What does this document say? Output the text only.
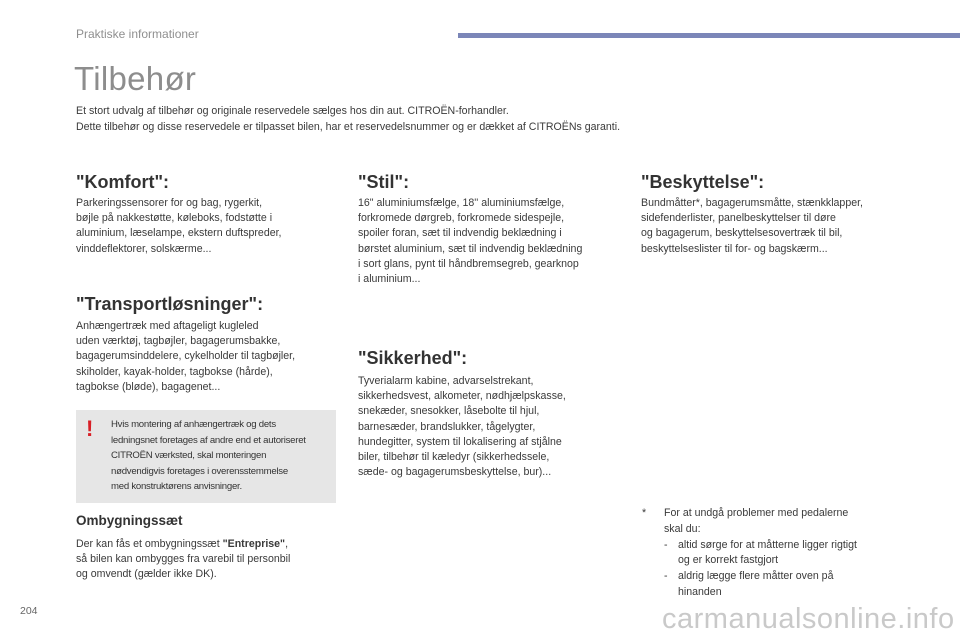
Praktiske informationer
Tilbehør

Et stort udvalg af tilbehør og originale reservedele sælges hos din aut. CITROËN-forhandler.

Dette tilbehør og disse reservedele er tilpasset bilen, har et reservedelsnummer og er dækket af CITROËNs garanti.

"Komfort":

Parkeringssensorer for og bag, rygerkit,

bøjle på nakkestøtte, køleboks, fodstøtte i

aluminium, læselampe, ekstern duftspreder,

vinddeflektorer, solskærme...

"Transportløsninger":

Anhængertræk med aftageligt kugleled

uden værktøj, tagbøjler, bagagerumsbakke,

bagagerumsinddelere, cykelholder til tagbøjler,

skiholder, kayak-holder, tagbokse (hårde),

tagbokse (bløde), bagagenet...

! Hvis montering af anhængertræk og dets

ledningsnet foretages af andre end et autoriseret

CITROËN værksted, skal monteringen

nødvendigvis foretages i overensstemmelse

med konstruktørens anvisninger.

Ombygningssæt

Der kan fås et ombygningssæt "Entreprise",

så bilen kan ombygges fra varebil til personbil

og omvendt (gælder ikke DK).

"Stil":

16" aluminiumsfælge, 18'' aluminiumsfælge,

forkromede dørgreb, forkromede sidespejle,

spoiler foran, sæt til indvendig beklædning i

børstet aluminium, sæt til indvendig beklædning

i sort glans, pynt til håndbremsegreb, gearknop

i aluminium...

"Sikkerhed":

Tyverialarm kabine, advarselstrekant,

sikkerhedsvest, alkometer, nødhjælpskasse,

snekæder, snesokker, låsebolte til hjul,

barnesæder, brandslukker, tågelygter,

hundegitter, system til lokalisering af stjålne

biler, tilbehør til kæledyr (sikkerhedssele,

sæde- og bagagerumsbeskyttelse, bur)...

"Beskyttelse":

Bundmåtter*, bagagerumsmåtte, stænkklapper,

sidefenderlister, panelbeskyttelser til døre

og bagagerum, beskyttelsesovertræk til bil,

beskyttelseslister til for- og bagskærm...

* For at undgå problemer med pedalerne
skal du:
- altid sørge for at måtterne ligger rigtigt
og er korrekt fastgjort
- aldrig lægge flere måtter oven på
hinanden
204	carmanualsonline.info
